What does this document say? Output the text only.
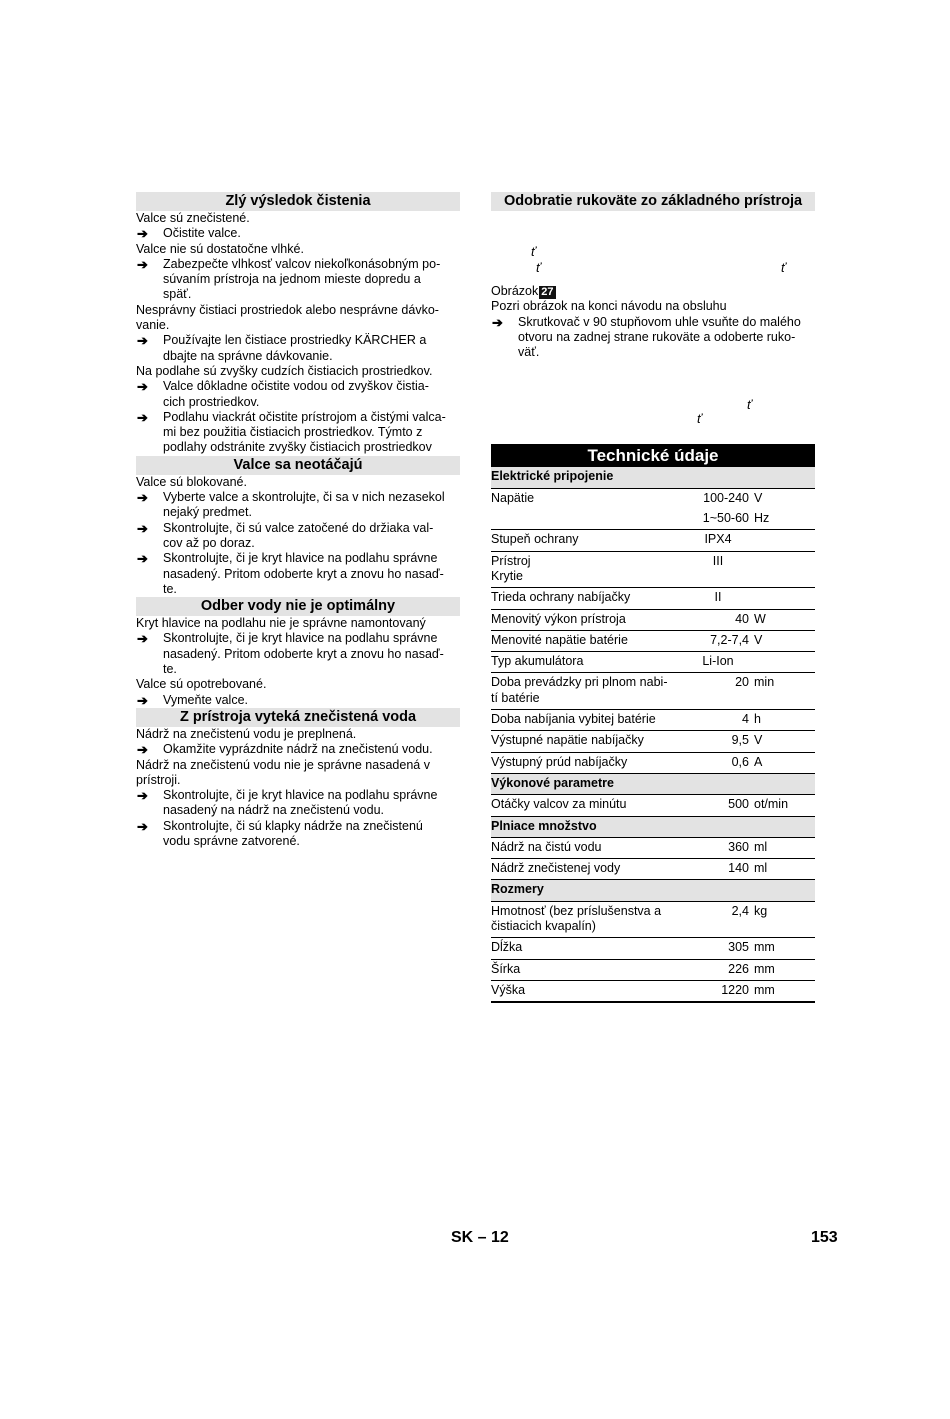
Zlý výsledok čistenia
Valce sú znečistené.
➔ Očistite valce.
Valce nie sú dostatočne vlhké.
➔ Zabezpečte vlhkosť valcov niekoľkonásobným po-
súvaním prístroja na jednom mieste dopredu a
späť.
Nesprávny čistiaci prostriedok alebo nesprávne dávko-
vanie.
➔ Používajte len čistiace prostriedky KÄRCHER a
dbajte na správne dávkovanie.
Na podlahe sú zvyšky cudzích čistiacich prostriedkov.
➔ Valce dôkladne očistite vodou od zvyškov čistia-
cich prostriedkov.
➔ Podlahu viackrát očistite prístrojom a čistými valca-
mi bez použitia čistiacich prostriedkov. Týmto z
podlahy odstránite zvyšky čistiacich prostriedkov
Valce sa neotáčajú
Valce sú blokované.
➔ Vyberte valce a skontrolujte, či sa v nich nezasekol
nejaký predmet.
➔ Skontrolujte, či sú valce zatočené do držiaka val-
cov až po doraz.
➔ Skontrolujte, či je kryt hlavice na podlahu správne
nasadený. Pritom odoberte kryt a znovu ho nasaď-
te.
Odber vody nie je optimálny
Kryt hlavice na podlahu nie je správne namontovaný
➔ Skontrolujte, či je kryt hlavice na podlahu správne
nasadený. Pritom odoberte kryt a znovu ho nasaď-
te.
Valce sú opotrebované.
➔ Vymeňte valce.
Z prístroja vyteká znečistená voda
Nádrž na znečistenú vodu je preplnená.
➔ Okamžite vyprázdnite nádrž na znečistenú vodu.
Nádrž na znečistenú vodu nie je správne nasadená v
prístroji.
➔ Skontrolujte, či je kryt hlavice na podlahu správne
nasadený na nádrž na znečistenú vodu.
➔ Skontrolujte, či sú klapky nádrže na znečistenú
vodu správne zatvorené.
Odobratie rukoväte zo základného prístroja
Obrázok 27
Pozri obrázok na konci návodu na obsluhu
➔ Skrutkovač v 90 stupňovom uhle vsuňte do malého
otvoru na zadnej strane rukoväte a odoberte ruko-
väť.
Technické údaje
Elektrické pripojenie		
Napätie	100-240	V
	1~50-60	Hz
Stupeň ochrany	IPX4	
Prístroj
Krytie	III	
Trieda ochrany nabíjačky	II	
Menovitý výkon prístroja	40	W
Menovité napätie batérie	7,2-7,4	V
Typ akumulátora	Li-Ion	
Doba prevádzky pri plnom nabi-
tí batérie	20	min
Doba nabíjania vybitej batérie	4	h
Výstupné napätie nabíjačky	9,5	V
Výstupný prúd nabíjačky	0,6	A
Výkonové parametre		
Otáčky valcov za minútu	500	ot/min
Plniace množstvo		
Nádrž na čistú vodu	360	ml
Nádrž znečistenej vody	140	ml
Rozmery		
Hmotnosť (bez príslušenstva a
čistiacich kvapalín)	2,4	kg
Dĺžka	305	mm
Šírka	226	mm
Výška	1220	mm
ť
ť	ť
ť
ť
SK – 12	153
